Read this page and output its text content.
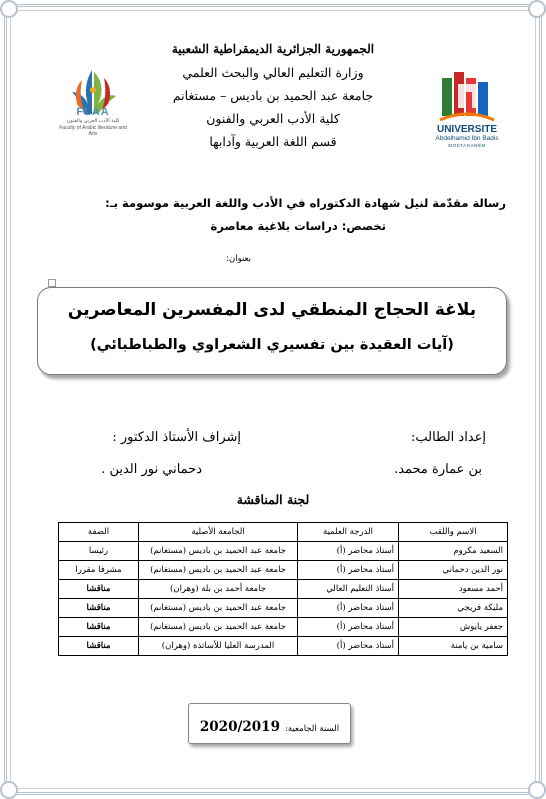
FLAA
كلية الأدب العربي والفنون
Faculty of Arabic literature and Arts	UNIVERSITE
Abdelhamid Ibn Badis
MOSTAGANEM
الجمهورية الجزائرية الديمقراطية الشعبية
وزارة التعليم العالي والبحث العلمي
جامعة عبد الحميد بن باديس – مستغانم
كلية الأدب العربي والفنون
قسم اللغة العربية وآدابها
رسالة مقدّمة لنيل شهادة الدكتوراه في الأدب واللغة العربية موسومة بـ:
تخصص: دراسات بلاغية معاصرة
بعنوان:
بلاغة الحجاج المنطقي لدى المفسرين المعاصرين
(آيات العقيدة بين تفسيري الشعراوي والطباطبائي)
إعداد الطالب:
إشراف الأستاذ الدكتور :
بن عمارة محمد.
دحماني نور الدين .
لجنة المناقشة
الاسم واللقب	الدرجة العلمية	الجامعة الأصلية	الصفة
السعيد مكروم	أستاذ محاضر (أ)	جامعة عبد الحميد بن باديس (مستغانم)	رئيسا
نور الدين دحماني	أستاذ محاضر (أ)	جامعة عبد الحميد بن باديس (مستغانم)	مشرفا مقررا
أحمد مسعود	أستاذ التعليم العالي	جامعة أحمد بن بلة (وهران)	مناقشا
مليكة فريجي	أستاذ محاضر (أ)	جامعة عبد الحميد بن باديس (مستغانم)	مناقشا
جعفر يايوش	أستاذ محاضر (أ)	جامعة عبد الحميد بن باديس (مستغانم)	مناقشا
سامية بن يامنة	أستاذ محاضر (أ)	المدرسة العليا للأساتذة (وهران)	مناقشا
السنة الجامعية: 2020/2019
